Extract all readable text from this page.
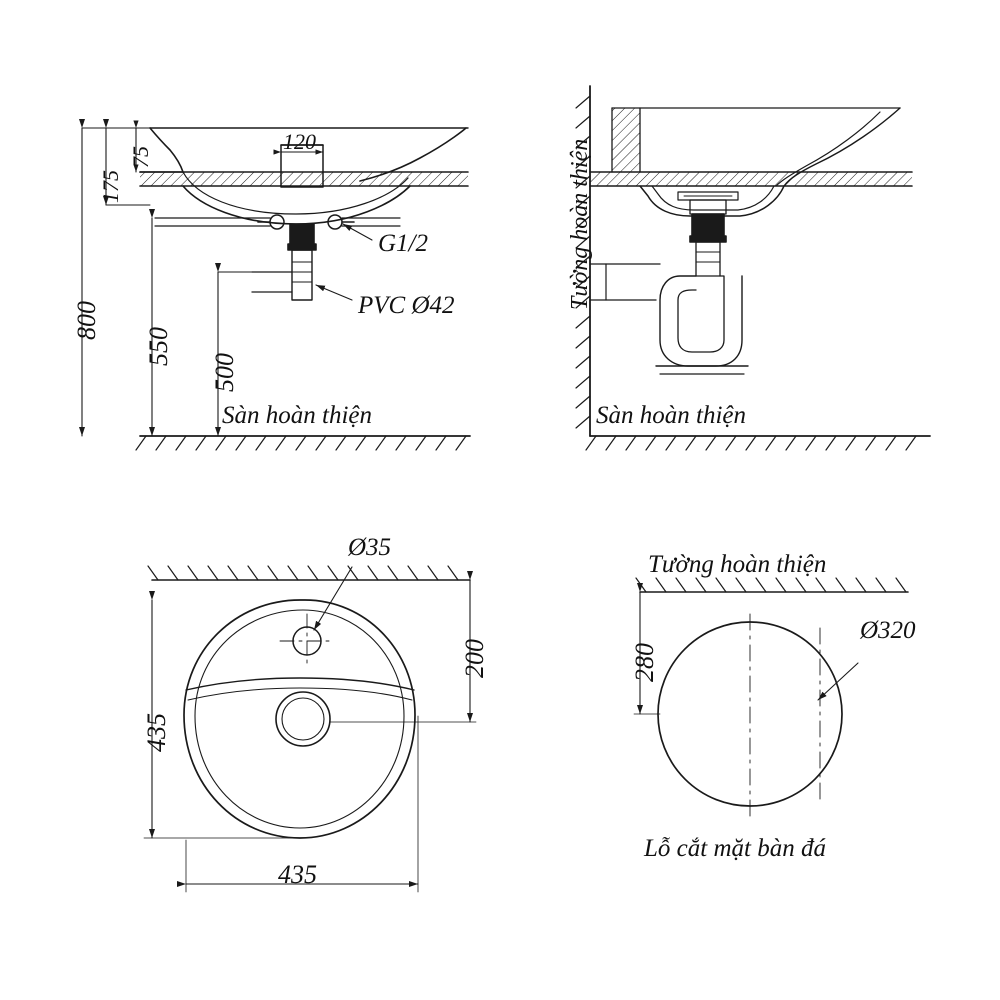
800
550
500
175
75
120
G1/2
PVC Ø42
Sàn hoàn thiện
Tường hoàn thiện
Sàn hoàn thiện
Ø35
200
435
435
Tường hoàn thiện
280
Ø320
Lỗ cắt mặt bàn đá
